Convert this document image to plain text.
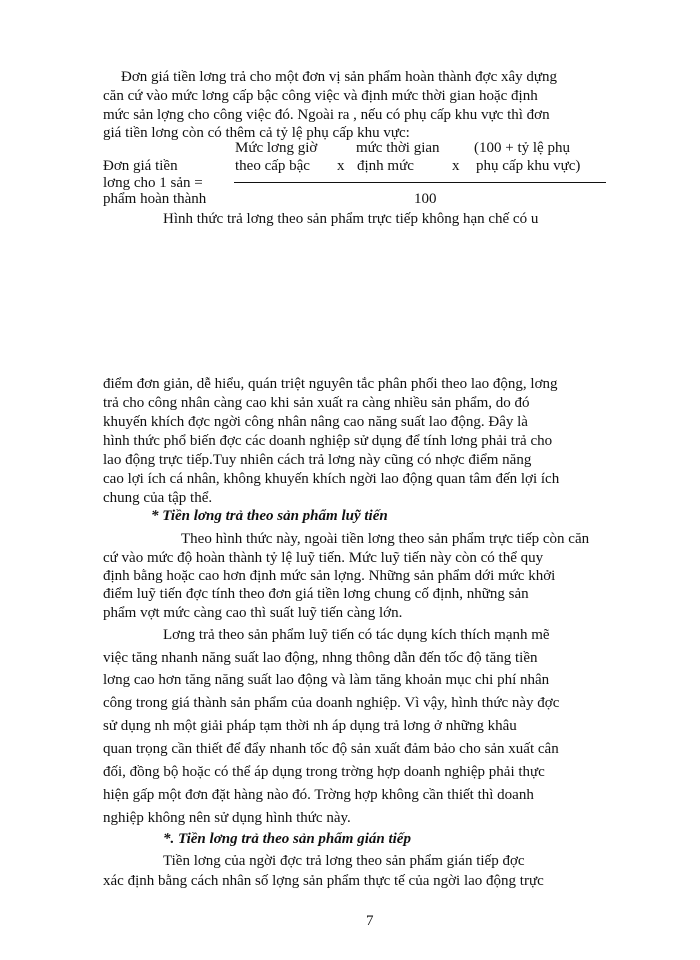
Đơn giá tiền lơng trả cho một đơn vị sản phẩm hoàn thành đợc xây dựng
căn cứ vào mức lơng cấp bậc công việc và định mức thời gian hoặc định
mức sản lợng cho công việc đó. Ngoài ra , nếu có phụ cấp khu vực thì đơn
giá tiền lơng còn có thêm cả tỷ lệ phụ cấp khu vực:
Mức lơng giờ	mức thời gian (100 + tỷ lệ phụ
Đơn giá tiền	theo cấp bậc x định mức	x phụ cấp khu vực)
lơng cho 1 sản =
phẩm hoàn thành	100
Hình thức trả lơng theo sản phẩm trực tiếp không hạn chế có u
điểm đơn giản, dễ hiểu, quán triệt nguyên tắc phân phối theo lao động, lơng
trả cho công nhân càng cao khi sản xuất ra càng nhiều sản phẩm, do đó
khuyến khích đợc ngời công nhân nâng cao năng suất lao động. Đây là
hình thức phổ biến đợc các doanh nghiệp sử dụng để tính lơng phải trả cho
lao động trực tiếp.Tuy nhiên cách trả lơng này cũng có nhợc điểm năng
cao lợi ích cá nhân, không khuyến khích ngời lao động quan tâm đến lợi ích
chung của tập thể.
* Tiền lơng trả theo sản phẩm luỹ tiến
Theo hình thức này, ngoài tiền lơng theo sản phẩm trực tiếp còn căn
cứ vào mức độ hoàn thành tỷ lệ luỹ tiến. Mức luỹ tiến này còn có thể quy
định bằng hoặc cao hơn định mức sản lợng. Những sản phẩm dới mức khởi
điểm luỹ tiến đợc tính theo đơn giá tiền lơng chung cố định, những sản
phẩm vợt mức càng cao thì suất luỹ tiến càng lớn.
Lơng trả theo sản phẩm luỹ tiến có tác dụng kích thích mạnh mẽ
việc tăng nhanh năng suất lao động, nhng thông dẫn đến tốc độ tăng tiền
lơng cao hơn tăng năng suất lao động và làm tăng khoản mục chi phí nhân
công trong giá thành sản phẩm của doanh nghiệp. Vì vậy, hình thức này đợc
sử dụng nh một giải pháp tạm thời nh áp dụng trả lơng ở những khâu
quan trọng cần thiết để đẩy nhanh tốc độ sản xuất đảm bảo cho sản xuất cân
đối, đồng bộ hoặc có thể áp dụng trong trờng hợp doanh nghiệp phải thực
hiện gấp một đơn đặt hàng nào đó. Trờng hợp không cần thiết thì doanh
nghiệp không nên sử dụng hình thức này.
*. Tiền lơng trả theo sản phẩm gián tiếp
Tiền lơng của ngời đợc trả lơng theo sản phẩm gián tiếp đợc
xác định bằng cách nhân số lợng sản phẩm thực tế của ngời lao động trực
7
